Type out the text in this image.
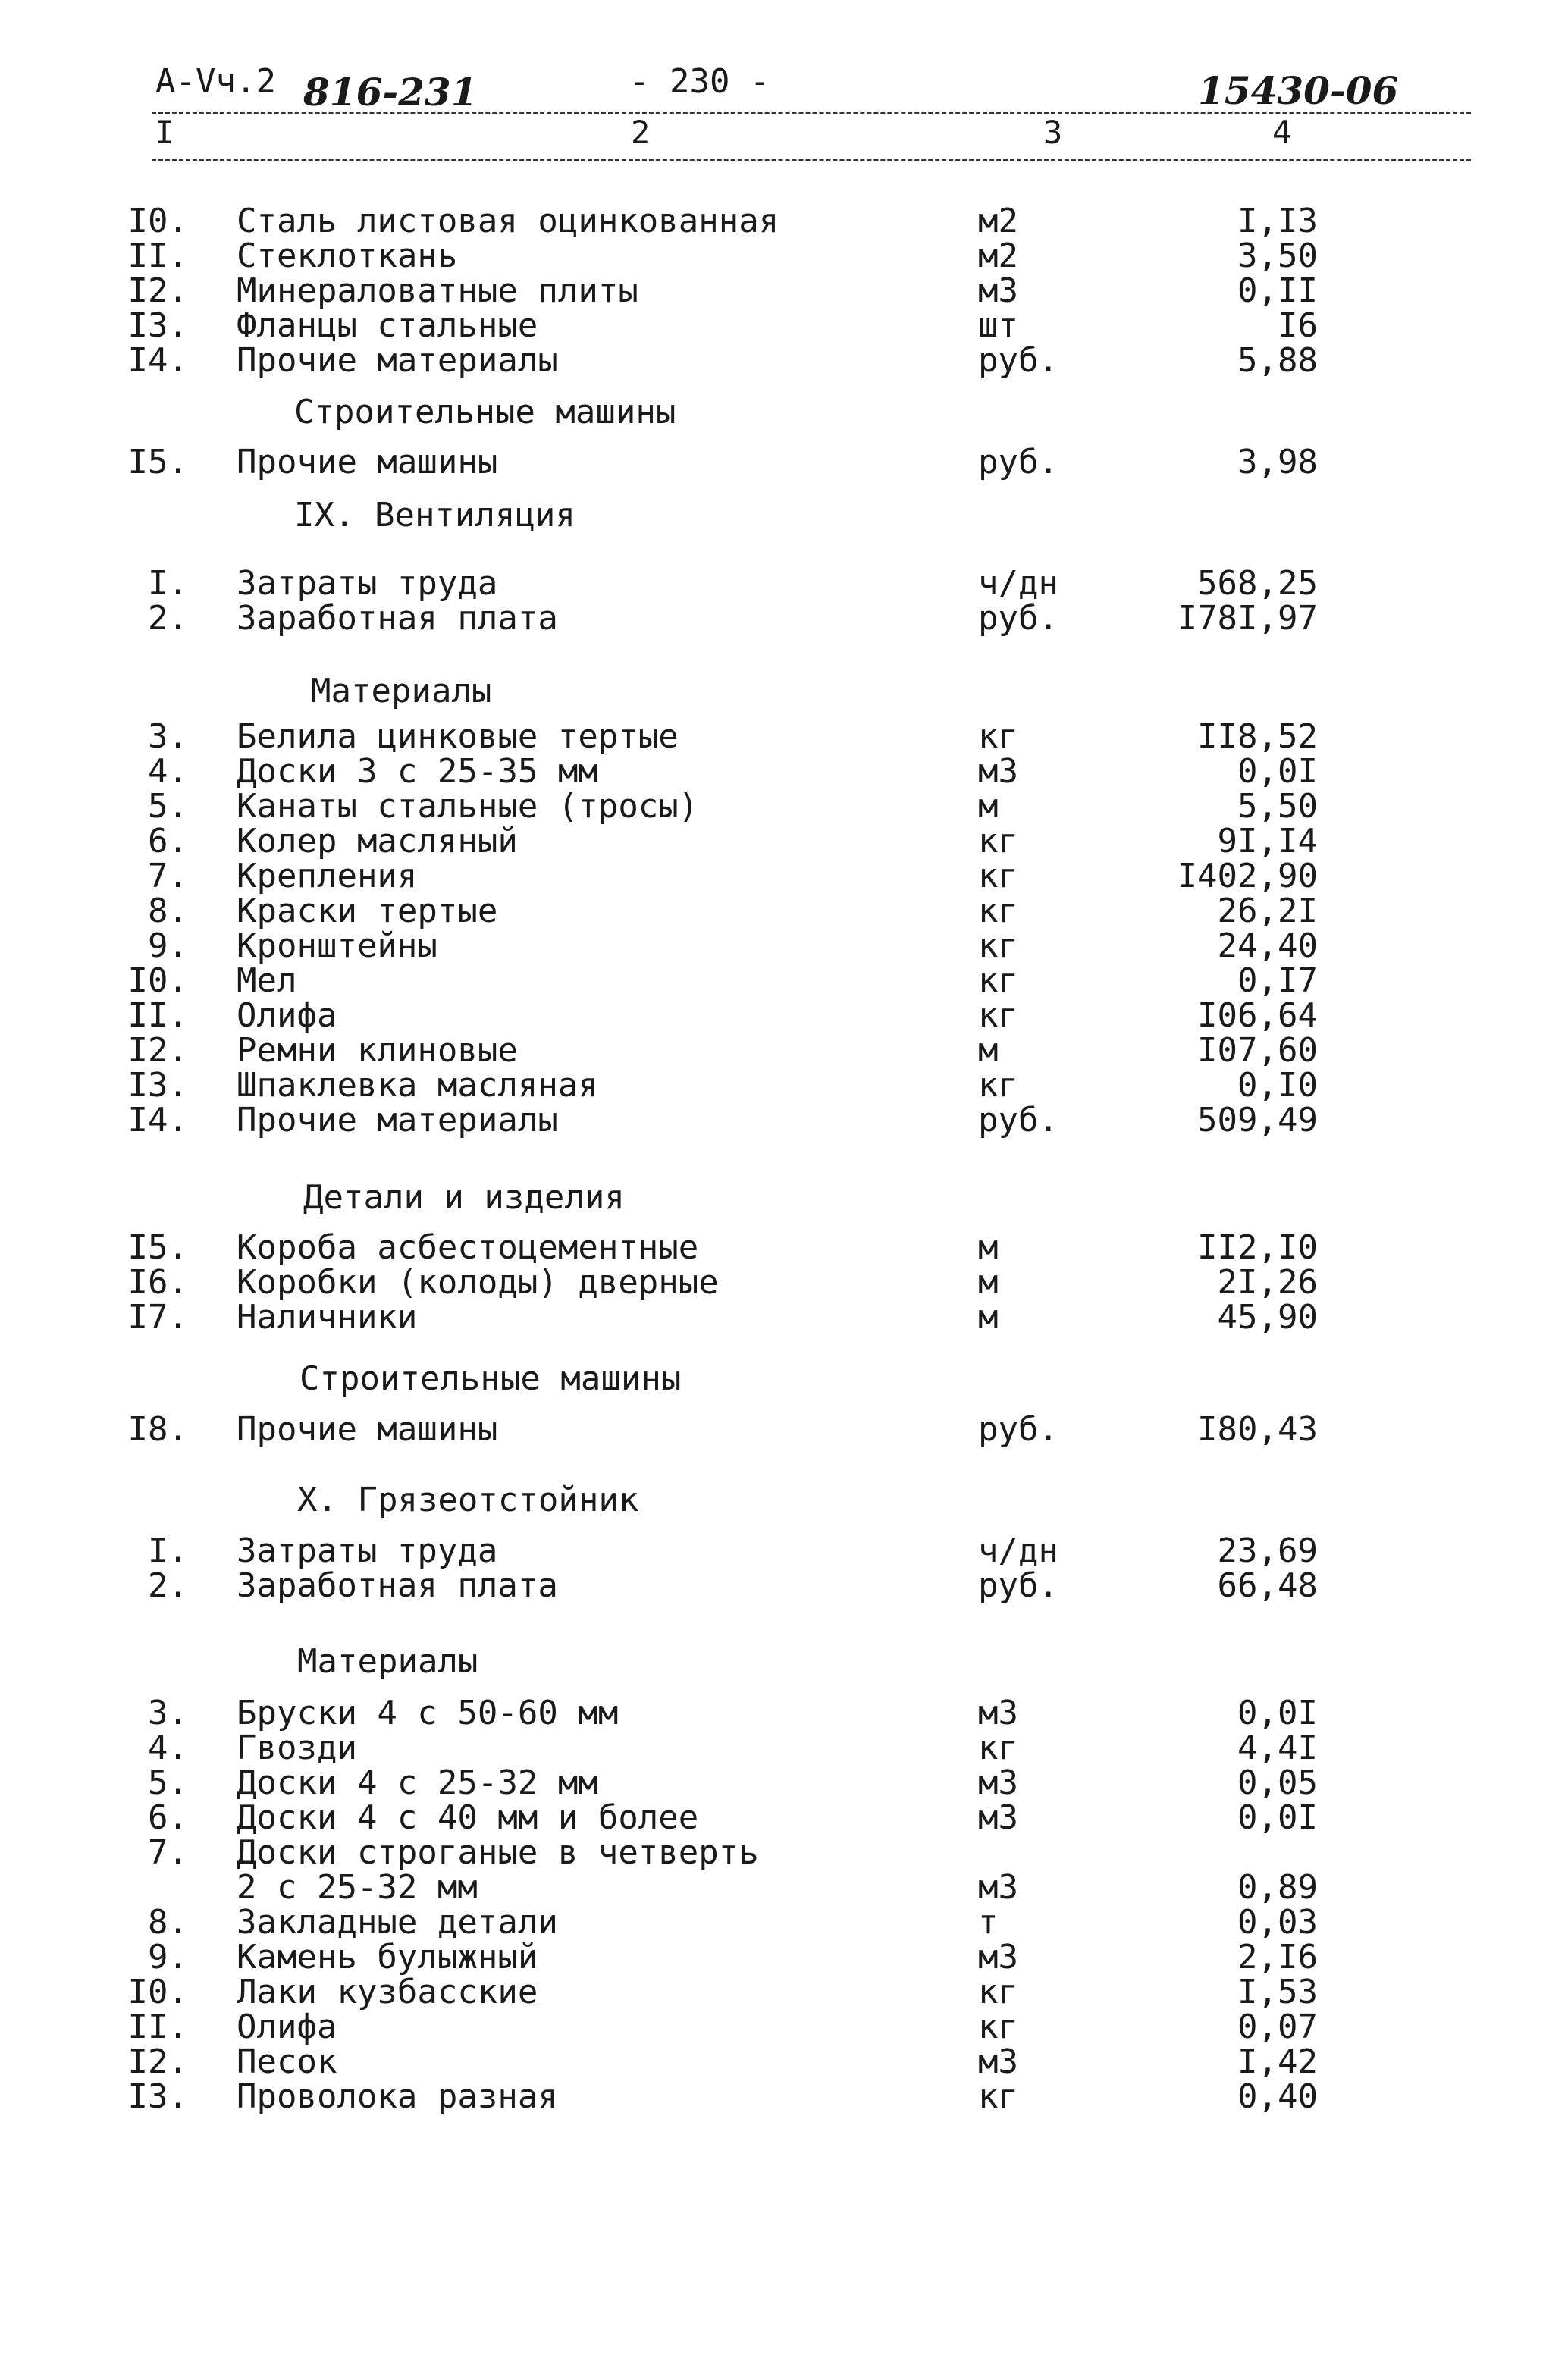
А-Vч.2 816-231	- 230 -	15430-06
I	2	3	4
Строительные машины
IX. Вентиляция
Материалы
Детали и изделия
Строительные машины
X. Грязеотстойник
Материалы
I0. Сталь листовая оцинкованная	м2	I,I3
II. Стеклоткань	м2	3,50
I2. Минераловатные плиты	м3	0,II
I3. Фланцы стальные	шт	I6
I4. Прочие материалы	руб.	5,88
I5. Прочие машины	руб.	3,98
I. Затраты труда	ч/дн	568,25
2. Заработная плата	руб.	I78I,97
3. Белила цинковые тертые	кг	II8,52
4. Доски 3 с 25-35 мм	м3	0,0I
5. Канаты стальные (тросы)	м	5,50
6. Колер масляный	кг	9I,I4
7. Крепления	кг	I402,90
8. Краски тертые	кг	26,2I
9. Кронштейны	кг	24,40
I0. Мел	кг	0,I7
II. Олифа	кг	I06,64
I2. Ремни клиновые	м	I07,60
I3. Шпаклевка масляная	кг	0,I0
I4. Прочие материалы	руб.	509,49
I5. Короба асбестоцементные	м	II2,I0
I6. Коробки (колоды) дверные	м	2I,26
I7. Наличники	м	45,90
I8. Прочие машины	руб.	I80,43
I. Затраты труда	ч/дн	23,69
2. Заработная плата	руб.	66,48
3. Бруски 4 с 50-60 мм	м3	0,0I
4. Гвозди	кг	4,4I
5. Доски 4 с 25-32 мм	м3	0,05
6. Доски 4 с 40 мм и более	м3	0,0I
7. Доски строганые в четверть
2 с 25-32 мм	м3	0,89
8. Закладные детали	т	0,03
9. Камень булыжный	м3	2,I6
I0. Лаки кузбасские	кг	I,53
II. Олифа	кг	0,07
I2. Песок	м3	I,42
I3. Проволока разная	кг	0,40
